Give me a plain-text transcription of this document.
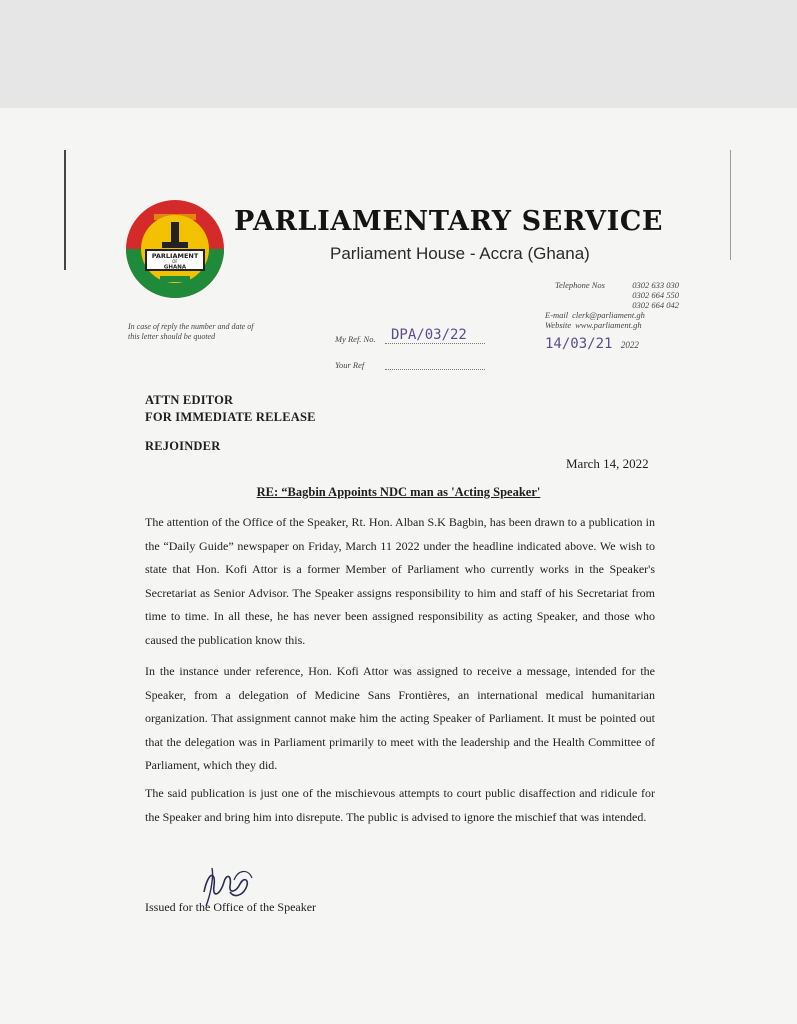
PARLIAMENT
OF
GHANA
PARLIAMENTARY SERVICE
Parliament House - Accra (Ghana)
Telephone Nos	0302 633 030
0302 664 550
0302 664 042
E-mail clerk@parliament.gh
Website www.parliament.gh
In case of reply the number and date of this letter should be quoted	My Ref. No.	DPA/03/22
Your Ref
14/03/21 2022
ATTN EDITOR
FOR IMMEDIATE RELEASE
REJOINDER
March 14, 2022
RE: “Bagbin Appoints NDC man as 'Acting Speaker'
The attention of the Office of the Speaker, Rt. Hon. Alban S.K Bagbin, has been drawn to a publication in the “Daily Guide” newspaper on Friday, March 11 2022 under the headline indicated above. We wish to state that Hon. Kofi Attor is a former Member of Parliament who currently works in the Speaker's Secretariat as Senior Advisor. The Speaker assigns responsibility to him and staff of his Secretariat from time to time. In all these, he has never been assigned responsibility as acting Speaker, and those who caused the publication know this.
In the instance under reference, Hon. Kofi Attor was assigned to receive a message, intended for the Speaker, from a delegation of Medicine Sans Frontières, an international medical humanitarian organization. That assignment cannot make him the acting Speaker of Parliament. It must be pointed out that the delegation was in Parliament primarily to meet with the leadership and the Health Committee of Parliament, which they did.
The said publication is just one of the mischievous attempts to court public disaffection and ridicule for the Speaker and bring him into disrepute. The public is advised to ignore the mischief that was intended.
Issued for the Office of the Speaker
